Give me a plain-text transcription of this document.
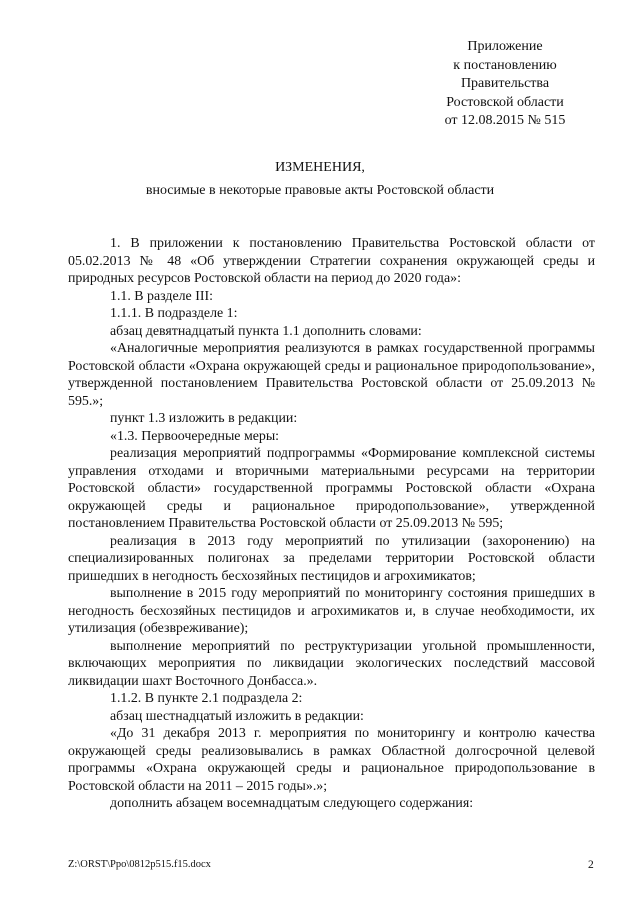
Приложение
к постановлению
Правительства
Ростовской области
от 12.08.2015 № 515
ИЗМЕНЕНИЯ,
вносимые в некоторые правовые акты Ростовской области

1. В приложении к постановлению Правительства Ростовской области от 05.02.2013 № 48 «Об утверждении Стратегии сохранения окружающей среды и природных ресурсов Ростовской области на период до 2020 года»:

1.1. В разделе III:

1.1.1. В подразделе 1:

абзац девятнадцатый пункта 1.1 дополнить словами:

«Аналогичные мероприятия реализуются в рамках государственной программы Ростовской области «Охрана окружающей среды и рациональное природопользование», утвержденной постановлением Правительства Ростовской области от 25.09.2013 № 595.»;

пункт 1.3 изложить в редакции:

«1.3. Первоочередные меры:

реализация мероприятий подпрограммы «Формирование комплексной системы управления отходами и вторичными материальными ресурсами на территории Ростовской области» государственной программы Ростовской области «Охрана окружающей среды и рациональное природопользование», утвержденной постановлением Правительства Ростовской области от 25.09.2013 № 595;

реализация в 2013 году мероприятий по утилизации (захоронению) на специализированных полигонах за пределами территории Ростовской области пришедших в негодность бесхозяйных пестицидов и агрохимикатов;

выполнение в 2015 году мероприятий по мониторингу состояния пришедших в негодность бесхозяйных пестицидов и агрохимикатов и, в случае необходимости, их утилизация (обезвреживание);

выполнение мероприятий по реструктуризации угольной промышленности, включающих мероприятия по ликвидации экологических последствий массовой ликвидации шахт Восточного Донбасса.».

1.1.2. В пункте 2.1 подраздела 2:

абзац шестнадцатый изложить в редакции:

«До 31 декабря 2013 г. мероприятия по мониторингу и контролю качества окружающей среды реализовывались в рамках Областной долгосрочной целевой программы «Охрана окружающей среды и рациональное природопользование в Ростовской области на 2011 – 2015 годы».»;

дополнить абзацем восемнадцатым следующего содержания:

Z:\ORST\Ppo\0812p515.f15.docx	2
